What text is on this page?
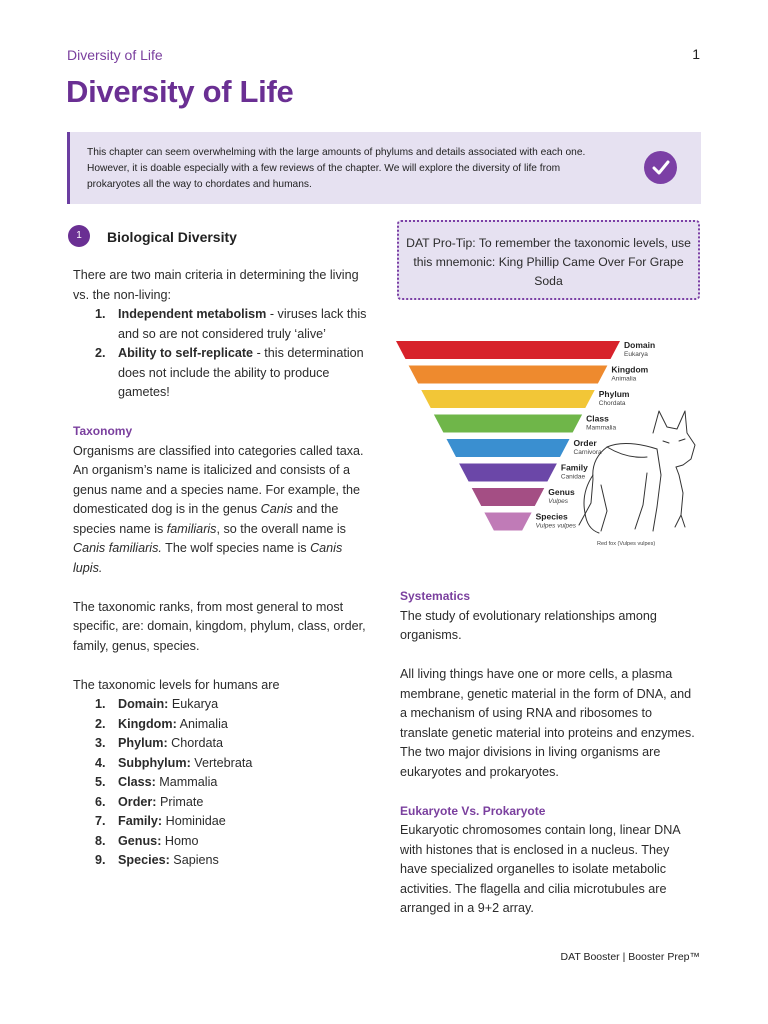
Diversity of Life	1
Diversity of Life
This chapter can seem overwhelming with the large amounts of phylums and details associated with each one. However, it is doable especially with a few reviews of the chapter. We will explore the diversity of life from prokaryotes all the way to chordates and humans.
1	Biological Diversity

There are two main criteria in determining the living vs. the non-living:

1. Independent metabolism - viruses lack this and so are not considered truly ‘alive’
2. Ability to self-replicate - this determination does not include the ability to produce gametes!

Taxonomy

Organisms are classified into categories called taxa. An organism’s name is italicized and consists of a genus name and a species name. For example, the domesticated dog is in the genus Canis and the species name is familiaris, so the overall name is Canis familiaris. The wolf species name is Canis lupis.

The taxonomic ranks, from most general to most specific, are: domain, kingdom, phylum, class, order, family, genus, species.

The taxonomic levels for humans are

1. Domain: Eukarya
2. Kingdom: Animalia
3. Phylum: Chordata
4. Subphylum: Vertebrata
5. Class: Mammalia
6. Order: Primate
7. Family: Hominidae
8. Genus: Homo
9. Species: Sapiens
DAT Pro-Tip: To remember the taxonomic levels, use this mnemonic: King Phillip Came Over For Grape Soda
Domain
Eukarya
Kingdom
Animalia
Phylum
Chordata
Class
Mammalia
Order
Carnivora
Family
Canidae
Genus
Vulpes
Species
Vulpes vulpes
Red fox (Vulpes vulpes)

Systematics

The study of evolutionary relationships among organisms.

All living things have one or more cells, a plasma membrane, genetic material in the form of DNA, and a mechanism of using RNA and ribosomes to translate genetic material into proteins and enzymes. The two major divisions in living organisms are eukaryotes and prokaryotes.

Eukaryote Vs. Prokaryote

Eukaryotic chromosomes contain long, linear DNA with histones that is enclosed in a nucleus. They have specialized organelles to isolate metabolic activities. The flagella and cilia microtubules are arranged in a 9+2 array.

DAT Booster | Booster Prep™
